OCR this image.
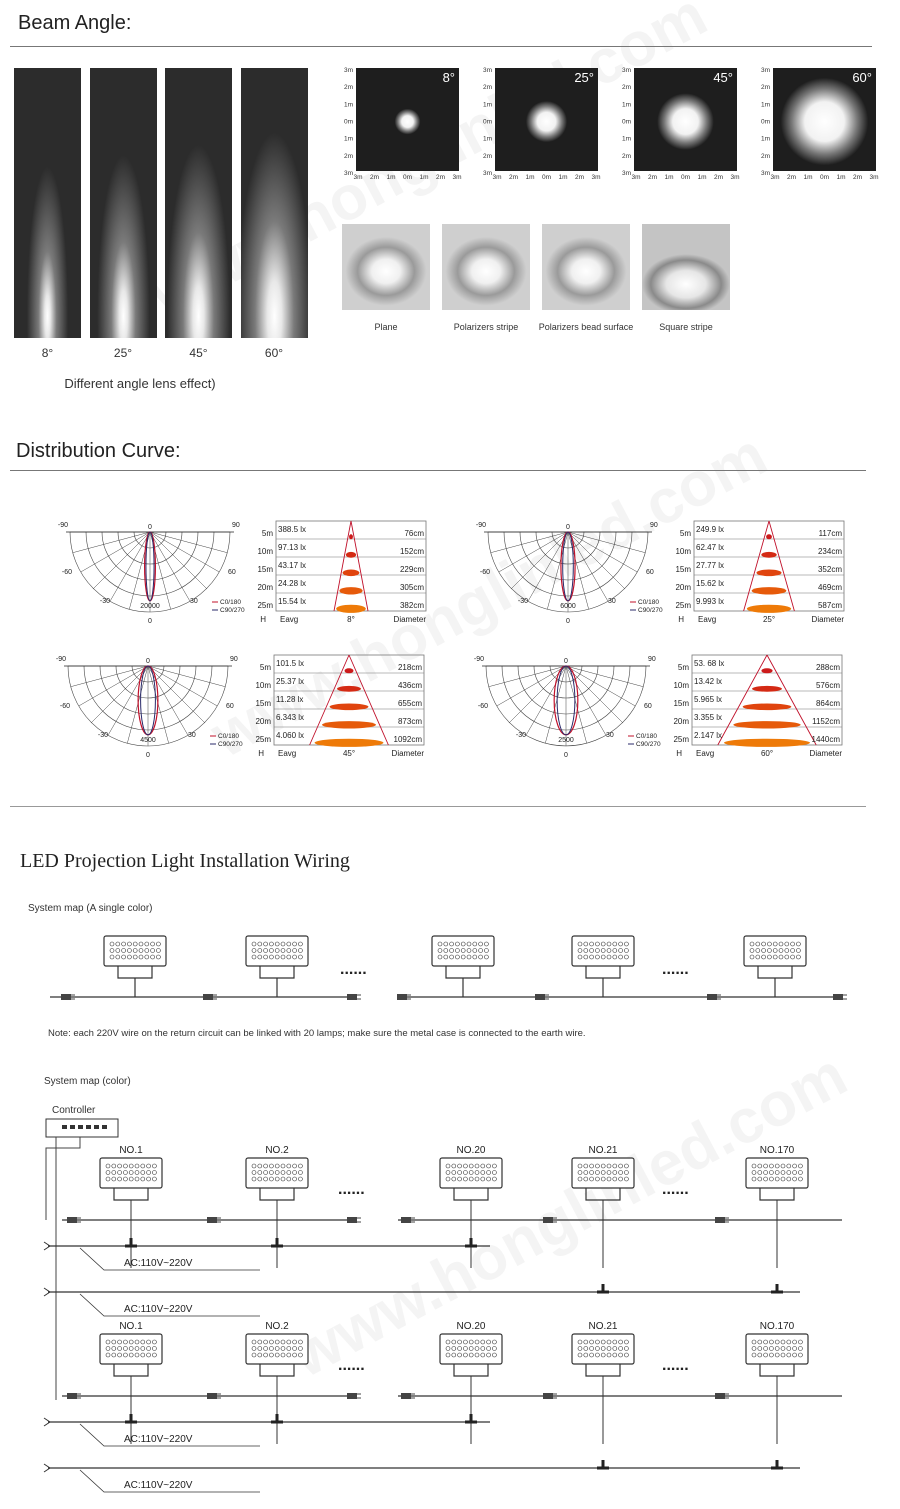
Beam Angle:
8°	25°	45°	60°
Different angle lens effect)
8°
3m
2m
1m
0m
1m
2m
3m
3m 2m 1m 0m 1m 2m 3m
25°
3m
2m
1m
0m
1m
2m
3m
3m 2m 1m 0m 1m 2m 3m
45°
3m
2m
1m
0m
1m
2m
3m
3m 2m 1m 0m 1m 2m 3m
60°
3m
2m
1m
0m
1m
2m
3m
3m 2m 1m 0m 1m 2m 3m
Plane	Polarizers stripe	Polarizers bead surface	Square stripe
Distribution Curve:
-90	90
-60	60
-30	30
0
0
20000
C0/180
C90/270
5m 388.5 lx	76cm
10m 97.13 lx	152cm
15m 43.17 lx	229cm
20m 24.28 lx	305cm
25m 15.54 lx	382cm
H Eavg	8°	Diameter
-90	90
-60	60
-30	30
0
0
6000
C0/180
C90/270
5m 249.9 lx	117cm
10m 62.47 lx	234cm
15m 27.77 lx	352cm
20m 15.62 lx	469cm
25m 9.993 lx	587cm
H Eavg	25°	Diameter
-90	90
-60	60
-30	30
0
0
4500
C0/180
C90/270
5m 101.5 lx	218cm
10m 25.37 lx	436cm
15m 11.28 lx	655cm
20m 6.343 lx	873cm
25m 4.060 lx	1092cm
H Eavg	45°	Diameter
-90	90
-60	60
-30	30
0
0
2500
C0/180
C90/270
5m 53. 68 lx	288cm
10m 13.42 lx	576cm
15m 5.965 lx	864cm
20m 3.355 lx	1152cm
25m 2.147 lx	1440cm
H Eavg	60°	Diameter
LED Projection Light Installation Wiring
System map (A single color)
Note: each 220V wire on the return circuit can be linked with 20 lamps; make sure the metal case is connected to the earth wire.
System map (color)
Controller
......	......
NO.1	NO.2	NO.20	NO.21	NO.170
......	......
AC:110V~220V
AC:110V~220V
NO.1	NO.2	NO.20	NO.21	NO.170
......	......
AC:110V~220V
AC:110V~220V
